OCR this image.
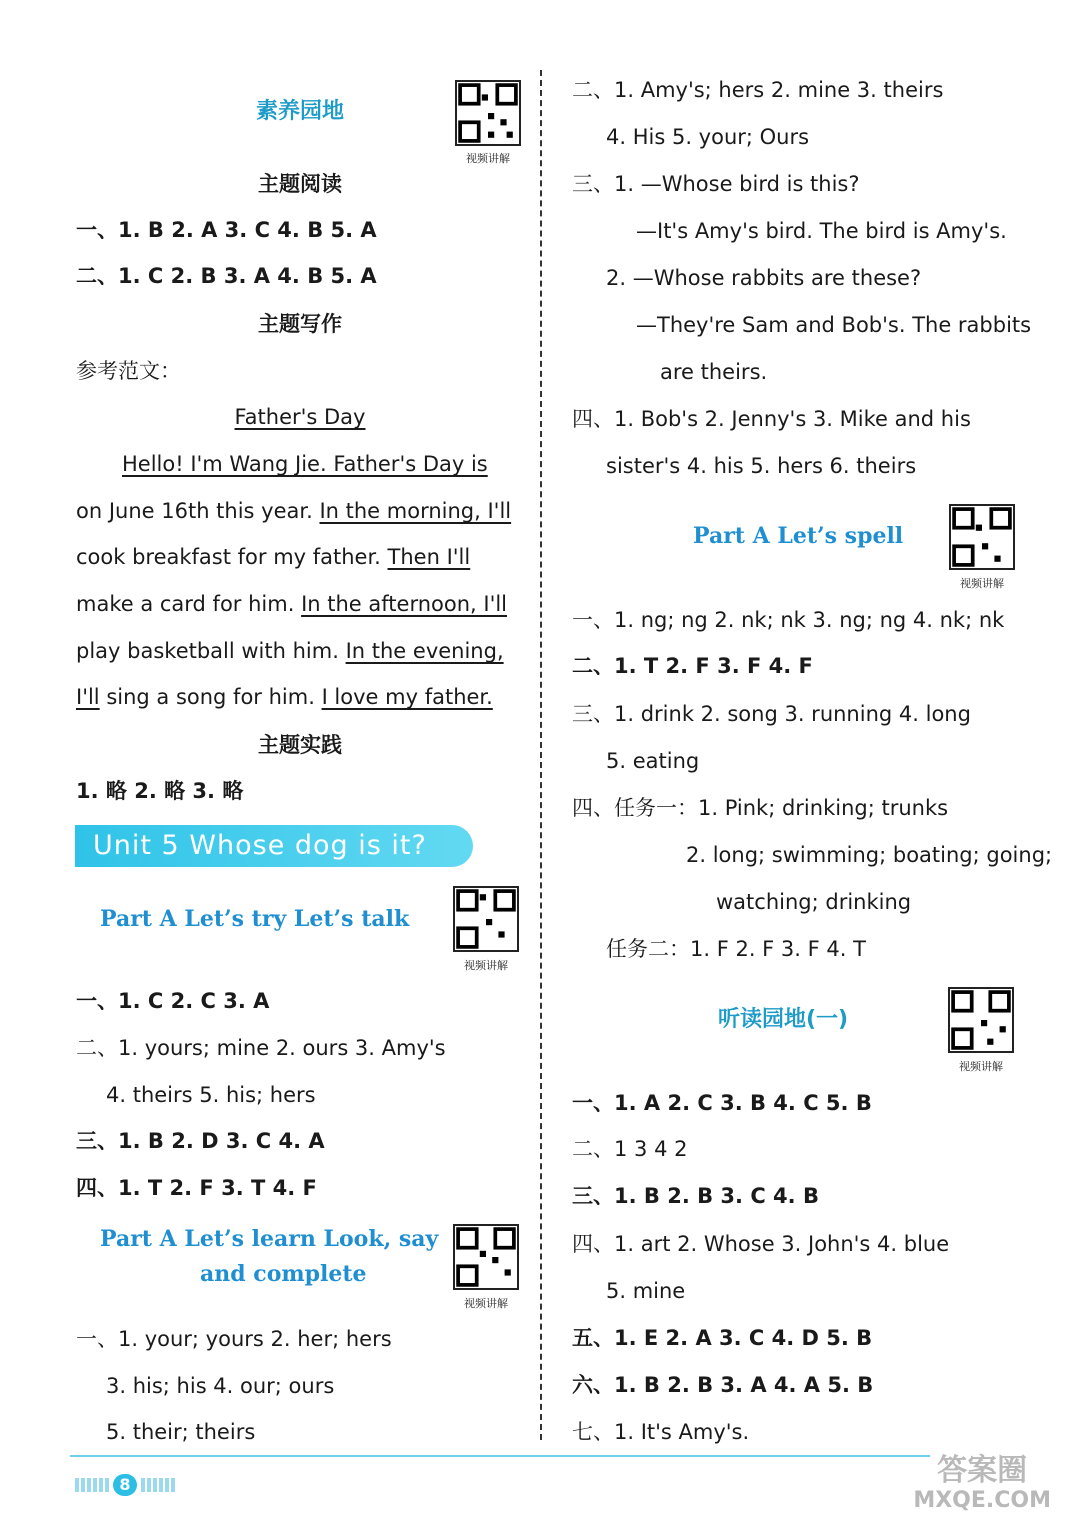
素养园地
视频讲解
主题阅读
一、1. B 2. A 3. C 4. B 5. A
二、1. C 2. B 3. A 4. B 5. A
主题写作
参考范文：
Father's Day
Hello! I'm Wang Jie. Father's Day is
on June 16th this year. In the morning, I'll
cook breakfast for my father. Then I'll
make a card for him. In the afternoon, I'll
play basketball with him. In the evening,
I'll sing a song for him. I love my father.
主题实践
1. 略 2. 略 3. 略
Unit 5 Whose dog is it?
Part A Let’s try Let’s talk
视频讲解
一、1. C 2. C 3. A
二、1. yours; mine 2. ours 3. Amy's
4. theirs 5. his; hers
三、1. B 2. D 3. C 4. A
四、1. T 2. F 3. T 4. F
Part A Let’s learn Look, say
and complete
视频讲解
一、1. your; yours 2. her; hers
3. his; his 4. our; ours
5. their; theirs
二、1. Amy's; hers 2. mine 3. theirs
4. His 5. your; Ours
三、1. —Whose bird is this?
—It's Amy's bird. The bird is Amy's.
2. —Whose rabbits are these?
—They're Sam and Bob's. The rabbits
are theirs.
四、1. Bob's 2. Jenny's 3. Mike and his
sister's 4. his 5. hers 6. theirs
Part A Let’s spell
视频讲解
一、1. ng; ng 2. nk; nk 3. ng; ng 4. nk; nk
二、1. T 2. F 3. F 4. F
三、1. drink 2. song 3. running 4. long
5. eating
四、任务一：1. Pink; drinking; trunks
2. long; swimming; boating; going;
watching; drinking
任务二：1. F 2. F 3. F 4. T
听读园地(一)
视频讲解
一、1. A 2. C 3. B 4. C 5. B
二、1 3 4 2
三、1. B 2. B 3. C 4. B
四、1. art 2. Whose 3. John's 4. blue
5. mine
五、1. E 2. A 3. C 4. D 5. B
六、1. B 2. B 3. A 4. A 5. B
七、1. It's Amy's.
8	答案圈
MXQE.COM
